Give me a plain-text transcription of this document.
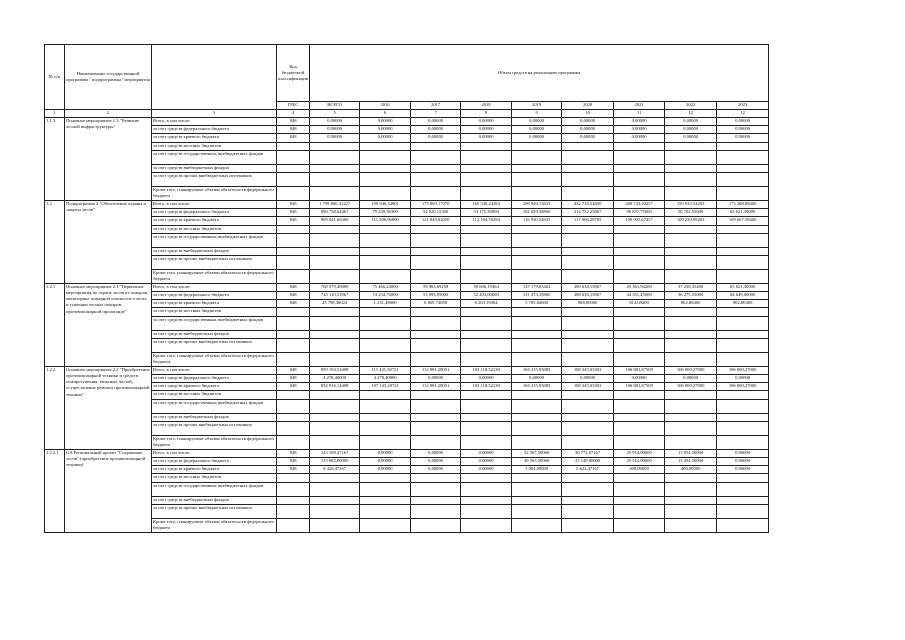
№ п/п	Наименование государственной программы / подпрограммы / мероприятия		Код бюджетной классификации	Объем средств на реализацию программы								
			ГРБС	ВСЕГО	2016	2017	2018	2019	2020	2021	2022	2023
1	2	3	4	5	6	7	8	9	10	11	12	12
1.1.3	Основное мероприятие 1.3 "Развитие лесной инфраструктуры"	Всего, в том числе:	848	0,00000	0,00000	0,00000	0,00000	0,00000	0,00000	0,00000	0,00000	0,00000
		за счет средств федерального бюджета	848	0,00000	0,00000	0,00000	0,00000	0,00000	0,00000	0,00000	0,00000	0,00000
		за счет средств краевого бюджета	848	0,00000	0,00000	0,00000	0,00000	0,00000	0,00000	0,00000	0,00000	0,00000
		за счет средств местных бюджетов										
		за счет средств государственных внебюджетных фондов										
		за счет средств внебюджетных фондов										
		за счет средств прочих внебюджетных источников										
		Кроме того, планируемые объемы обязательств федерального бюджета										
1.2	Подпрограмма 2 "Обеспечение охраны и защиты лесов"	Всего, в том числе:	848	1 799 800,31227	190 946,32801	175 869,17070	165 540,24284	298 940,13633	432 718,54850	200 743,42257	159 933,54203	175 288,88400
		за счет средств федерального бюджета	848	890 758,64467	79 439,36300	54 020,15300	53 175,30000	182 059,58800	314 752,25067	90 837,75000	50 702,55000	65 621,30000
		за счет средств краевого бюджета	848	909 041,66360	111 506,96800	121 849,02050	112 164,78284	116 930,54833	117 966,29783	109 905,67257	109 230,99203	109 667,58400
		за счет средств местных бюджетов										
		за счет средств государственных внебюджетных фондов										
		за счет средств внебюджетных фондов										
		за счет средств прочих внебюджетных источников										
		Кроме того, планируемые объемы обязательств федерального бюджета										
1.2.1	Основное мероприятие 2.1 "Первичные мероприятия по охране лесов от пожаров, мониторинг пожарной опасности в лесах и тушению лесных пожаров, противопожарной пропаганде"	Всего, в том числе:	848	768 979,40889	75 466,24000	59 963,69258	58 606,19364	137 179,03402	289 638,15067	45 363,94200	37 238,35400	65 621,30000
		за счет средств федерального бюджета	848	745 110,51867	74 234,76000	53 093,95000	52 403,00000	131 473,18800	288 630,15067	44 351,25000	36 275,55000	64 649,00000
		за счет средств краевого бюджета	848	23 798,36022	1 231,48000	6 869,74058	6 263,19364	5 705,84600	988,00000	814,69200	962,80400	962,80400
		за счет средств местных бюджетов										
		за счет средств государственных внебюджетных фондов										
		за счет средств внебюджетных фондов										
		за счет средств прочих внебюджетных источников										
		Кроме того, планируемые объемы обязательств федерального бюджета										
1.2.2	Основное мероприятие 2.2 "Приобретение противопожарной техники и средств пожаротушения, запасных частей, осуществление ремонта противопожарной техники"	Всего, в том числе:	848	859 194,54408	111 421,50721	112 881,28051	103 118,52130	104 415,93085	108 345,03302	106 881,87509	106 000,27000	106 000,27000
		за счет средств федерального бюджета	848	4 278,40000	4 278,40000	0,00000	0,00000	0,00000	0,00000	0,00000	0,00000	0,00000
		за счет средств краевого бюджета	848	854 916,14408	107 143,20721	112 881,28051	103 118,52130	104 415,93085	108 345,03302	106 881,87509	106 000,27000	106 000,27000
		за счет средств местных бюджетов										
		за счет средств государственных внебюджетных фондов										
		за счет средств внебюджетных фондов										
		за счет средств прочих внебюджетных источников										
		Кроме того, планируемые объемы обязательств федерального бюджета										
1.2.2.1	GA Региональный проект "Сохранение лесов" (приобретение противопожарной техники)	Всего, в том числе:	848	143 108,47167	0,00000	0,00000	0,00000	52 567,50000	30 772,07167	45 914,00000	13 854,50000	0,00000
		за счет средств федерального бюджета	848	133 682,00000	0,00000	0,00000	0,00000	49 563,50000	25 149,00000	45 514,00000	13 454,50000	0,00000
		за счет средств краевого бюджета	848	9 426,47167	0,00000	0,00000	0,00000	3 004,00000	5 622,47167	400,00000	400,00000	0,00000
		за счет средств местных бюджетов										
		за счет средств государственных внебюджетных фондов										
		за счет средств внебюджетных фондов										
		за счет средств прочих внебюджетных источников										
		Кроме того, планируемые объемы обязательств федерального бюджета										
